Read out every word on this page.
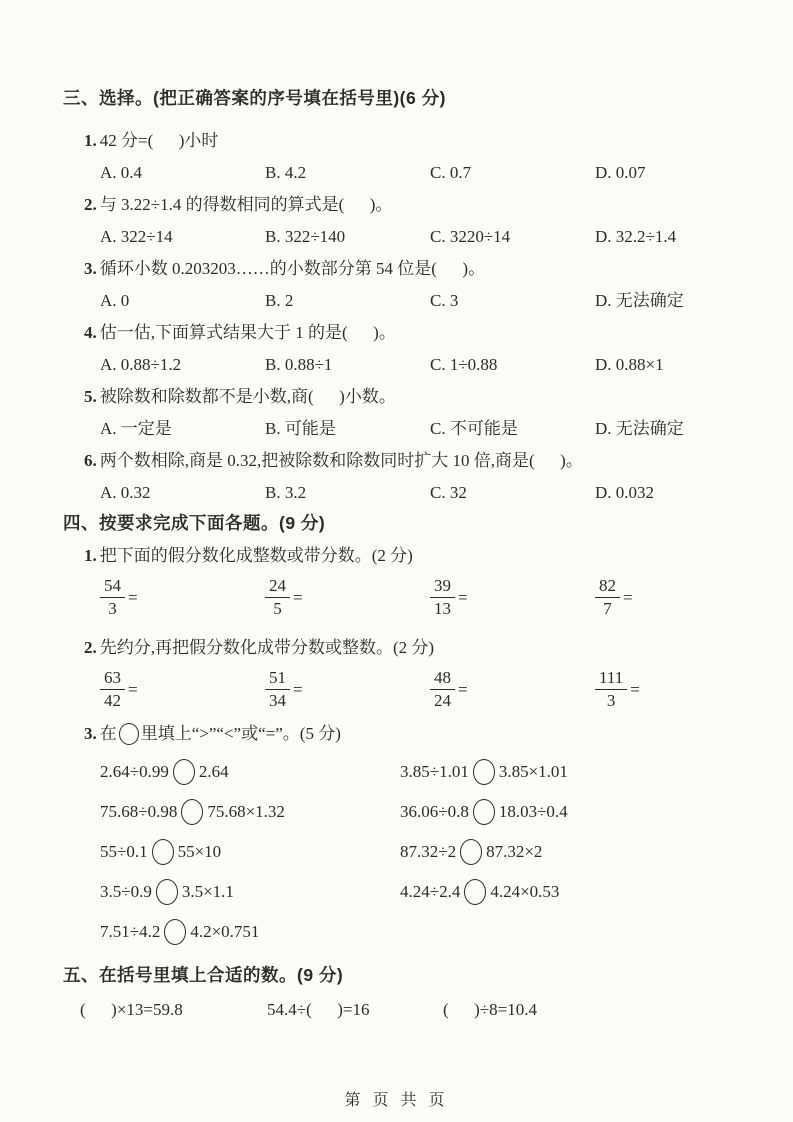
三、选择。(把正确答案的序号填在括号里)(6 分)
1. 42 分=(      )小时
A. 0.4	B. 4.2	C. 0.7	D. 0.07
2. 与 3.22÷1.4 的得数相同的算式是(      )。
A. 322÷14	B. 322÷140	C. 3220÷14	D. 32.2÷1.4
3. 循环小数 0.203203……的小数部分第 54 位是(      )。
A. 0	B. 2	C. 3	D. 无法确定
4. 估一估,下面算式结果大于 1 的是(      )。
A. 0.88÷1.2	B. 0.88÷1	C. 1÷0.88	D. 0.88×1
5. 被除数和除数都不是小数,商(      )小数。
A. 一定是	B. 可能是	C. 不可能是	D. 无法确定
6. 两个数相除,商是 0.32,把被除数和除数同时扩大 10 倍,商是(      )。
A. 0.32	B. 3.2	C. 32	D. 0.032
四、按要求完成下面各题。(9 分)
1. 把下面的假分数化成整数或带分数。(2 分)
$\frac{54}{3}$ =	$\frac{24}{5}$ =	$\frac{39}{13}$ =	$\frac{82}{7}$ =
2. 先约分,再把假分数化成带分数或整数。(2 分)
$\frac{63}{42}$ =	$\frac{51}{34}$ =	$\frac{48}{24}$ =	$\frac{111}{3}$ =
3. 在 里填上“>”“<”或“=”。(5 分)
2.64÷0.99 2.64	3.85÷1.01 3.85×1.01
75.68÷0.98 75.68×1.32	36.06÷0.8 18.03÷0.4
55÷0.1 55×10	87.32÷2 87.32×2
3.5÷0.9 3.5×1.1	4.24÷2.4 4.24×0.53
7.51÷4.2 4.2×0.751
五、在括号里填上合适的数。(9 分)
(      )×13=59.8	54.4÷(      )=16	(      )÷8=10.4
第 页 共 页
